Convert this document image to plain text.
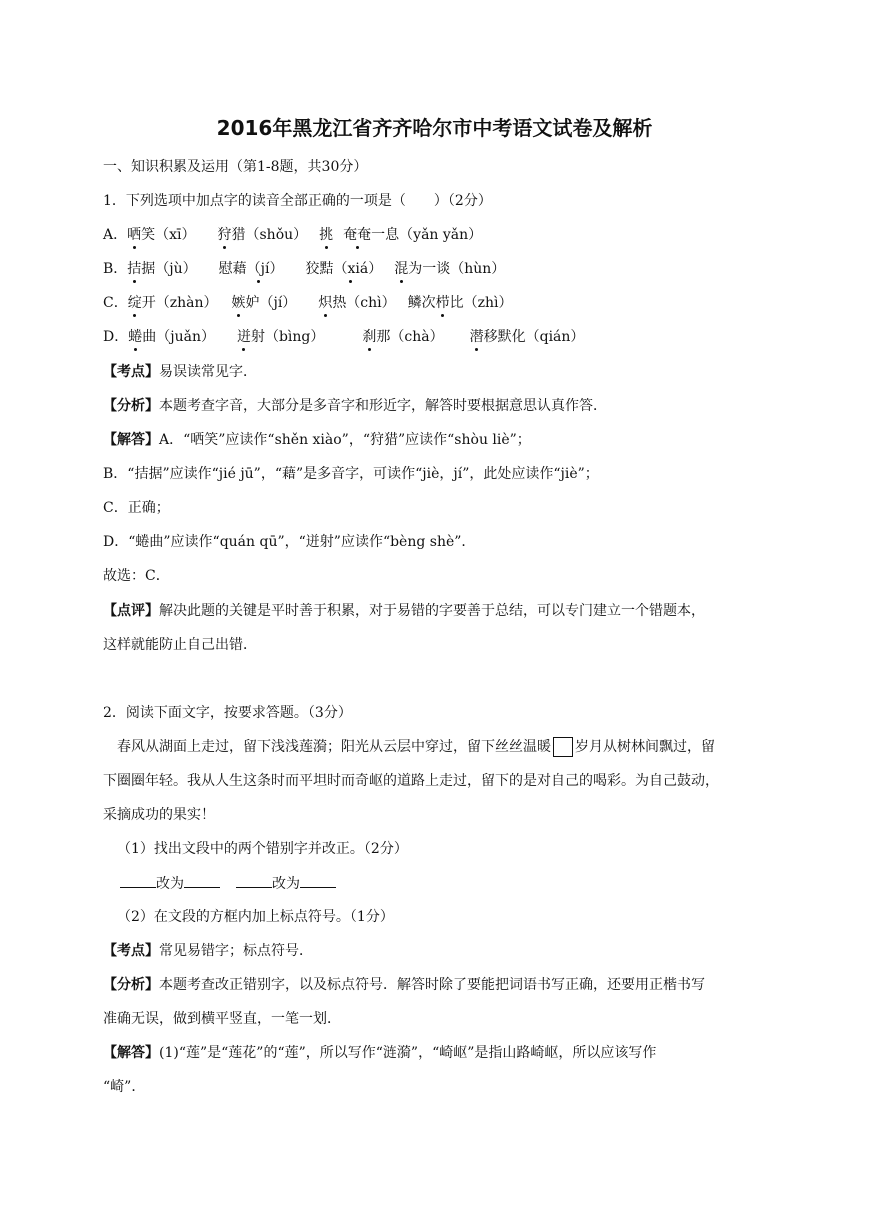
2016年黑龙江省齐齐哈尔市中考语文试卷及解析
一、知识积累及运用（第1-8题，共30分）
1．下列选项中加点字的读音全部正确的一项是（　　）（2分）
A．哂笑（xī） 狩猎（shǒu） 挑 奄奄一息（yǎn yǎn）
B．拮据（jù） 慰藉（jí） 狡黠（xiá） 混为一谈（hùn）
C．绽开（zhàn） 嫉妒（jí） 炽热（chì） 鳞次栉比（zhì）
D．蜷曲（juǎn） 迸射（bìng）	刹那（chà） 潜移默化（qián）
【考点】易误读常见字．
【分析】本题考查字音，大部分是多音字和形近字，解答时要根据意思认真作答．
【解答】A．“哂笑”应读作“shěn xiào”，“狩猎”应读作“shòu liè”；
B．“拮据”应读作“jié jū”，“藉”是多音字，可读作“jiè，jí”，此处应读作“jiè”；
C．正确；
D．“蜷曲”应读作“quán qū”，“迸射”应读作“bèng shè”．
故选：C．
【点评】解决此题的关键是平时善于积累，对于易错的字要善于总结，可以专门建立一个错题本，
这样就能防止自己出错．
2．阅读下面文字，按要求答题。（3分）
春风从湖面上走过，留下浅浅莲漪；阳光从云层中穿过，留下丝丝温暖 岁月从树林间飘过，留
下圈圈年轻。我从人生这条时而平坦时而奇岖的道路上走过，留下的是对自己的喝彩。为自己鼓动，
采摘成功的果实！
（1）找出文段中的两个错别字并改正。（2分）
改为	改为
（2）在文段的方框内加上标点符号。（1分）
【考点】常见易错字；标点符号．
【分析】本题考查改正错别字，以及标点符号．解答时除了要能把词语书写正确，还要用正楷书写
准确无误，做到横平竖直，一笔一划．
【解答】(1)“莲”是“莲花”的“莲”，所以写作“涟漪”，“崎岖”是指山路崎岖，所以应该写作
“崎”．
